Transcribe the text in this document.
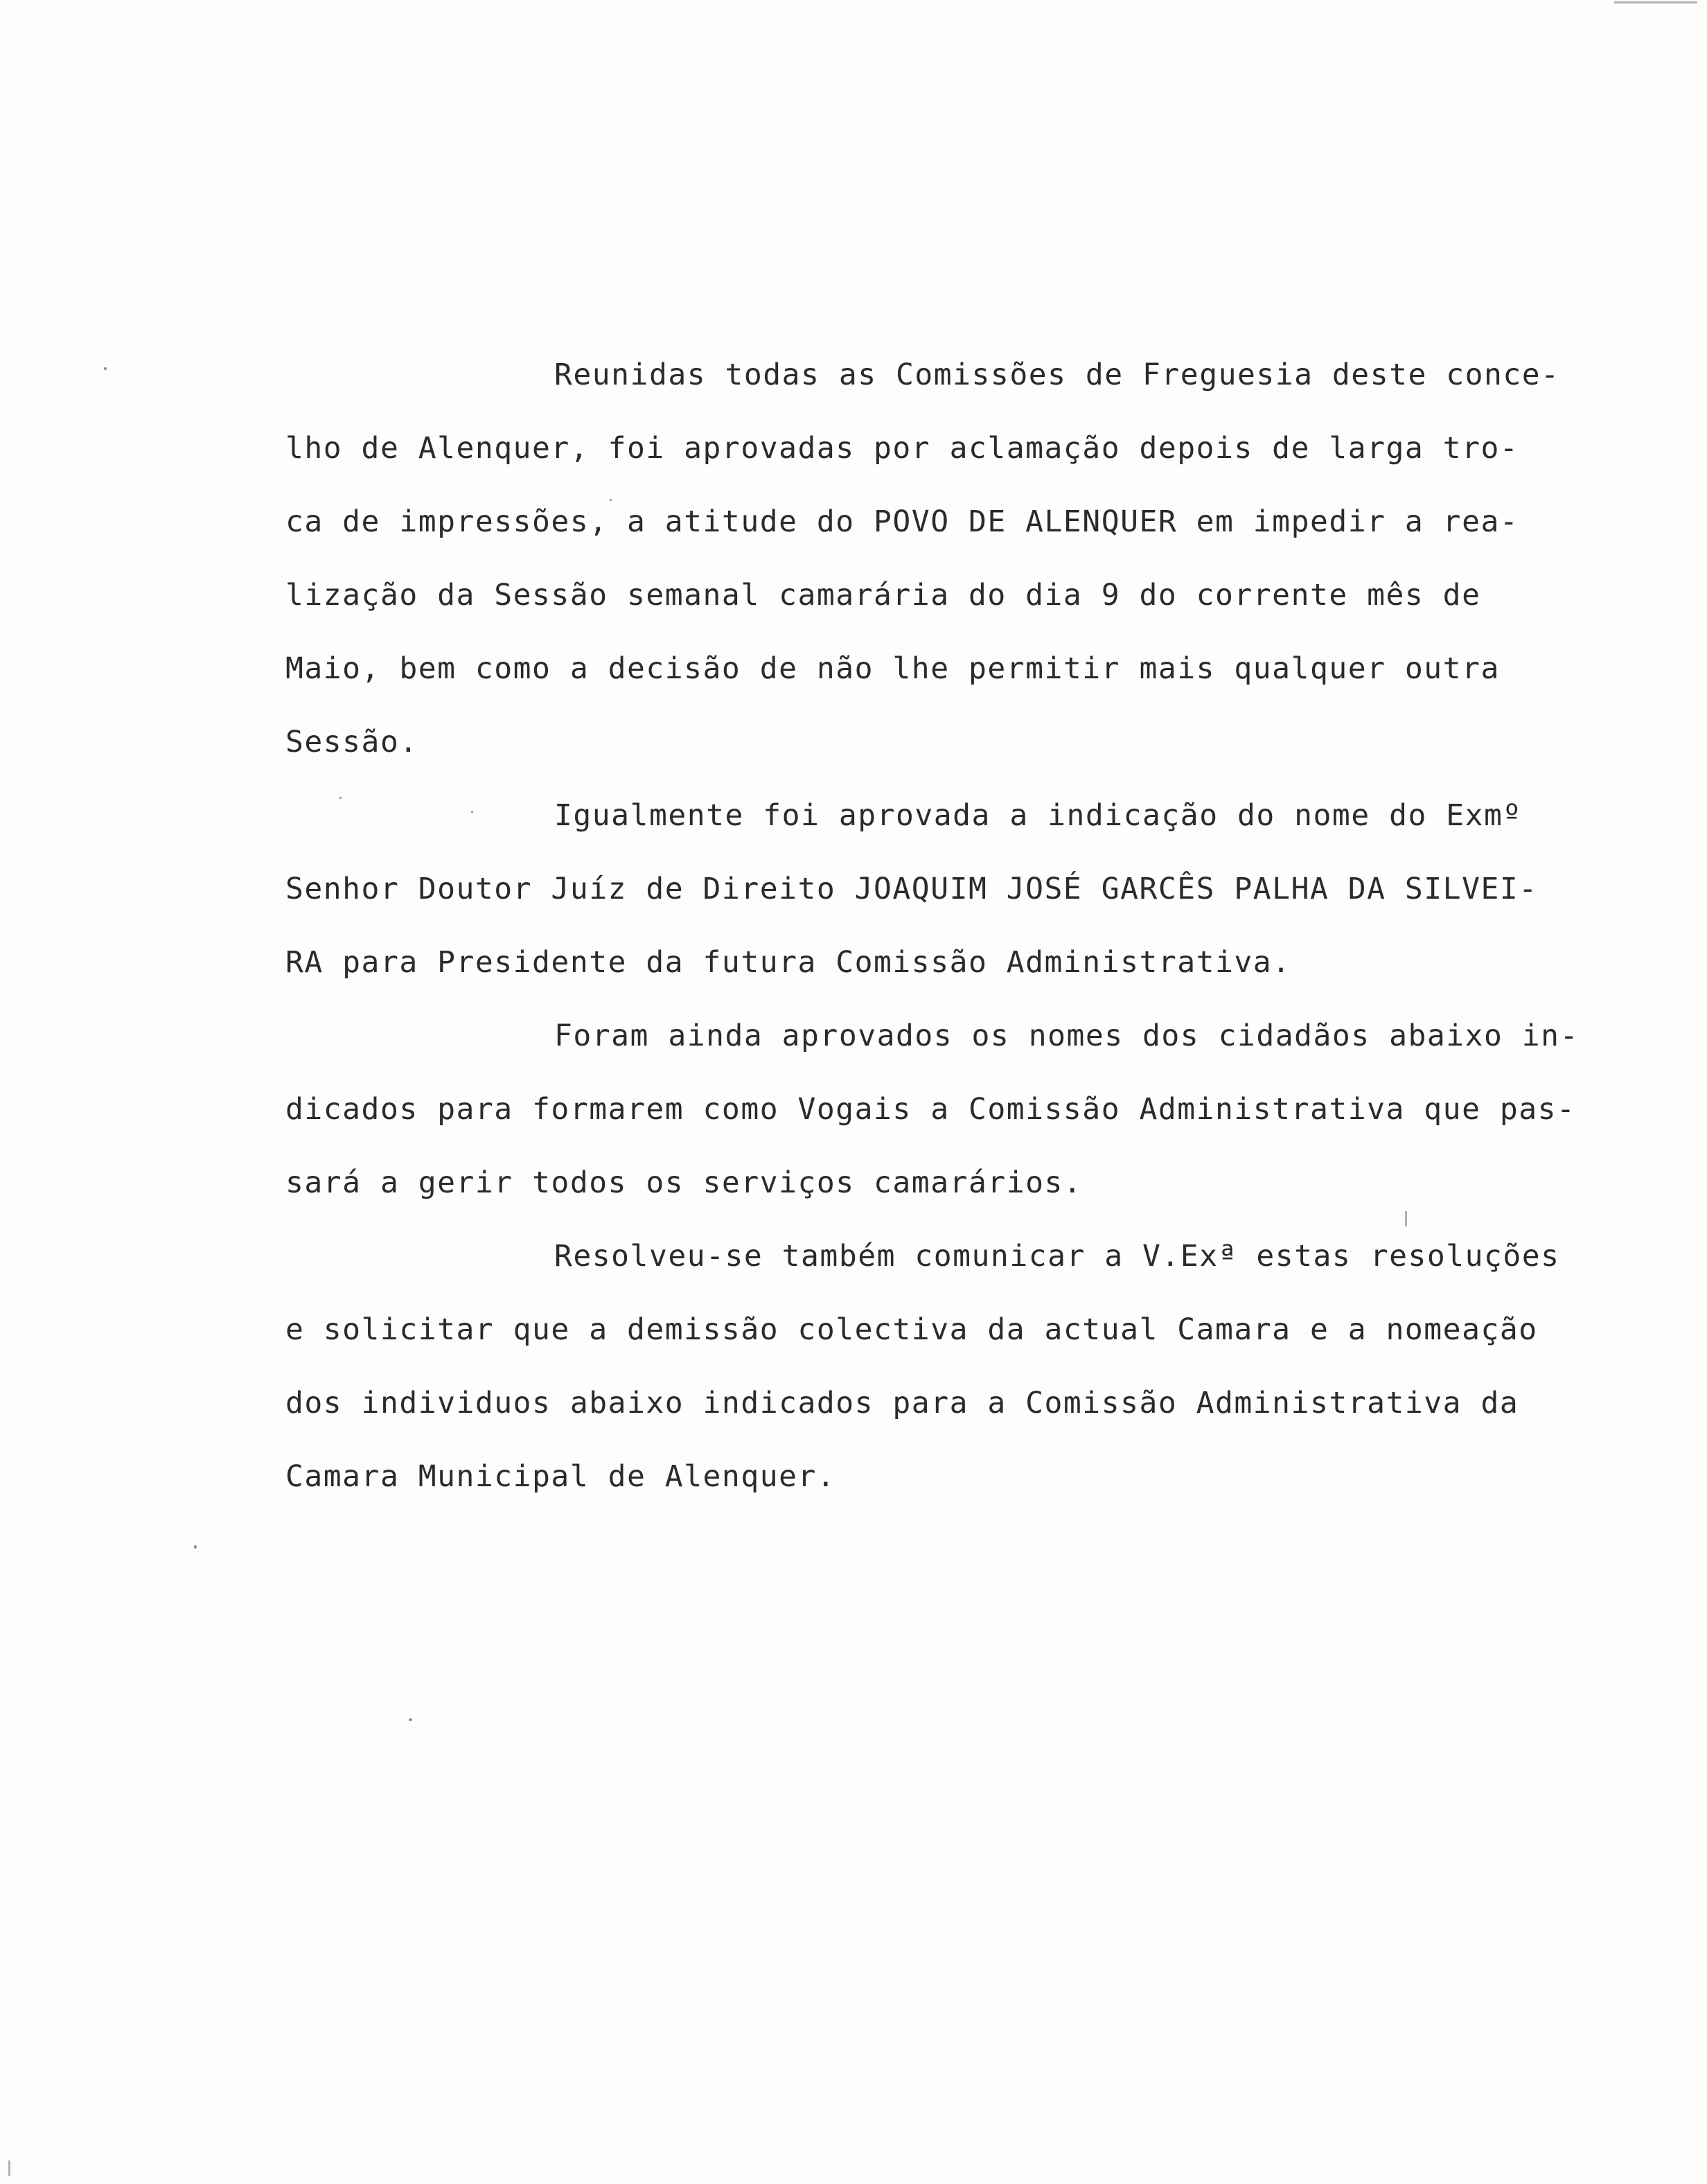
Reunidas todas as Comissões de Freguesia deste conce-
lho de Alenquer, foi aprovadas por aclamação depois de larga tro-
ca de impressões, a atitude do POVO DE ALENQUER em impedir a rea-
lização da Sessão semanal camarária do dia 9 do corrente mês de
Maio, bem como a decisão de não lhe permitir mais qualquer outra
Sessão.
Igualmente foi aprovada a indicação do nome do Exmº
Senhor Doutor Juíz de Direito JOAQUIM JOSÉ GARCÊS PALHA DA SILVEI-
RA para Presidente da futura Comissão Administrativa.
Foram ainda aprovados os nomes dos cidadãos abaixo in-
dicados para formarem como Vogais a Comissão Administrativa que pas-
sará a gerir todos os serviços camarários.
Resolveu-se também comunicar a V.Exª estas resoluções
e solicitar que a demissão colectiva da actual Camara e a nomeação
dos individuos abaixo indicados para a Comissão Administrativa da
Camara Municipal de Alenquer.
